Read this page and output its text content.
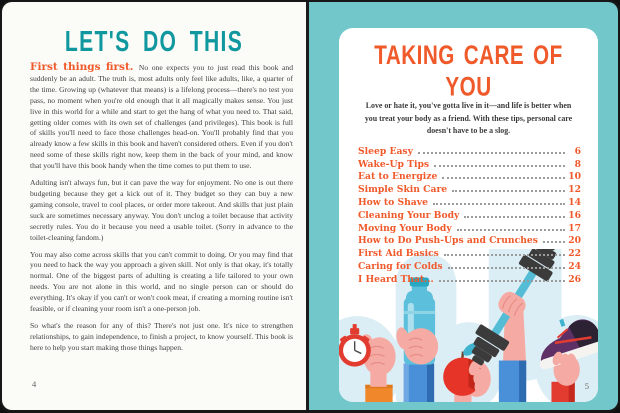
LET'S DO THIS

First things first. No one expects you to just read this book and suddenly be an adult. The truth is, most adults only feel like adults, like, a quarter of the time. Growing up (whatever that means) is a lifelong process—there's no test you pass, no moment when you're old enough that it all magically makes sense. You just live in this world for a while and start to get the hang of what you need to. That said, getting older comes with its own set of challenges (and privileges). This book is full of skills you'll need to face those challenges head-on. You'll probably find that you already know a few skills in this book and haven't considered others. Even if you don't need some of these skills right now, keep them in the back of your mind, and know that you'll have this book handy when the time comes to put them to use.

Adulting isn't always fun, but it can pave the way for enjoyment. No one is out there budgeting because they get a kick out of it. They budget so they can buy a new gaming console, travel to cool places, or order more takeout. And skills that just plain suck are sometimes necessary anyway. You don't unclog a toilet because that activity secretly rules. You do it because you need a usable toilet. (Sorry in advance to the toilet-cleaning fandom.)

You may also come across skills that you can't commit to doing. Or you may find that you need to hack the way you approach a given skill. Not only is that okay, it's totally normal. One of the biggest parts of adulting is creating a life tailored to your own needs. You are not alone in this world, and no single person can or should do everything. It's okay if you can't or won't cook meat, if creating a morning routine isn't feasible, or if cleaning your room isn't a one-person job.

So what's the reason for any of this? There's not just one. It's nice to strengthen relationships, to gain independence, to finish a project, to know yourself. This book is here to help you start making those things happen.

4
TAKING CARE OF YOU

Love or hate it, you've gotta live in it—and life is better when you treat your body as a friend. With these tips, personal care doesn't have to be a slog.

Sleep Easy	6
Wake-Up Tips	8
Eat to Energize	10
Simple Skin Care	12
How to Shave	14
Cleaning Your Body	16
Moving Your Body	17
How to Do Push-Ups and Crunches	20
First Aid Basics	22
Caring for Colds	24
I Heard That...	26
5
